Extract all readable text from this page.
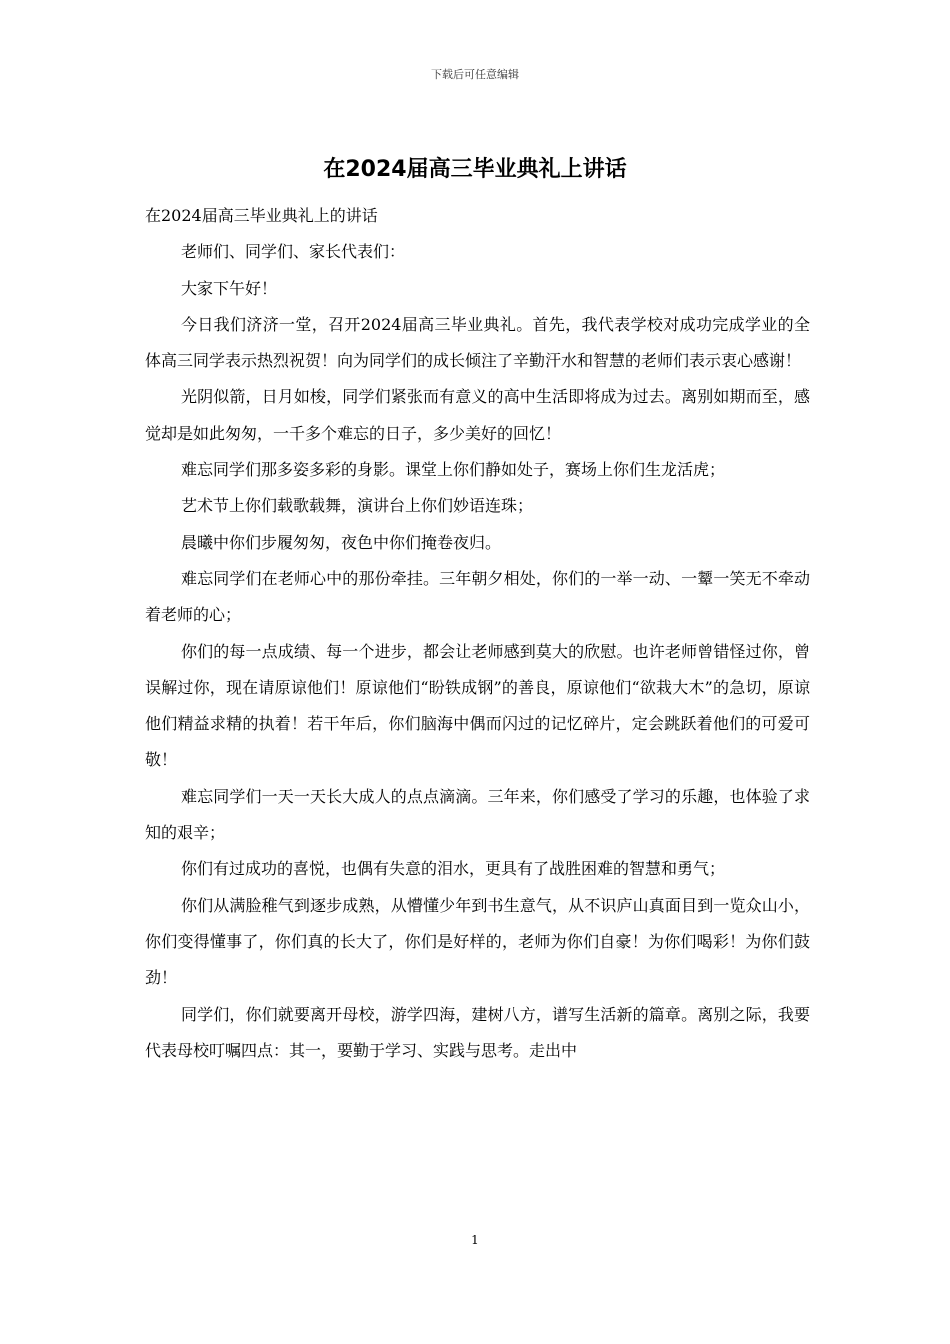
下载后可任意编辑
在2024届高三毕业典礼上讲话

在2024届高三毕业典礼上的讲话

老师们、同学们、家长代表们：

大家下午好！

今日我们济济一堂，召开2024届高三毕业典礼。首先，我代表学校对成功完成学业的全体高三同学表示热烈祝贺！向为同学们的成长倾注了辛勤汗水和智慧的老师们表示衷心感谢！

光阴似箭，日月如梭，同学们紧张而有意义的高中生活即将成为过去。离别如期而至，感觉却是如此匆匆，一千多个难忘的日子，多少美好的回忆！

难忘同学们那多姿多彩的身影。课堂上你们静如处子，赛场上你们生龙活虎；

艺术节上你们载歌载舞，演讲台上你们妙语连珠；

晨曦中你们步履匆匆，夜色中你们掩卷夜归。

难忘同学们在老师心中的那份牵挂。三年朝夕相处，你们的一举一动、一颦一笑无不牵动着老师的心；

你们的每一点成绩、每一个进步，都会让老师感到莫大的欣慰。也许老师曾错怪过你，曾误解过你，现在请原谅他们！原谅他们“盼铁成钢”的善良，原谅他们“欲栽大木”的急切，原谅他们精益求精的执着！若干年后，你们脑海中偶而闪过的记忆碎片，定会跳跃着他们的可爱可敬！

难忘同学们一天一天长大成人的点点滴滴。三年来，你们感受了学习的乐趣，也体验了求知的艰辛；

你们有过成功的喜悦，也偶有失意的泪水，更具有了战胜困难的智慧和勇气；

你们从满脸稚气到逐步成熟，从懵懂少年到书生意气，从不识庐山真面目到一览众山小，你们变得懂事了，你们真的长大了，你们是好样的，老师为你们自豪！为你们喝彩！为你们鼓劲！

同学们，你们就要离开母校，游学四海，建树八方，谱写生活新的篇章。离别之际，我要代表母校叮嘱四点：其一，要勤于学习、实践与思考。走出中

1
